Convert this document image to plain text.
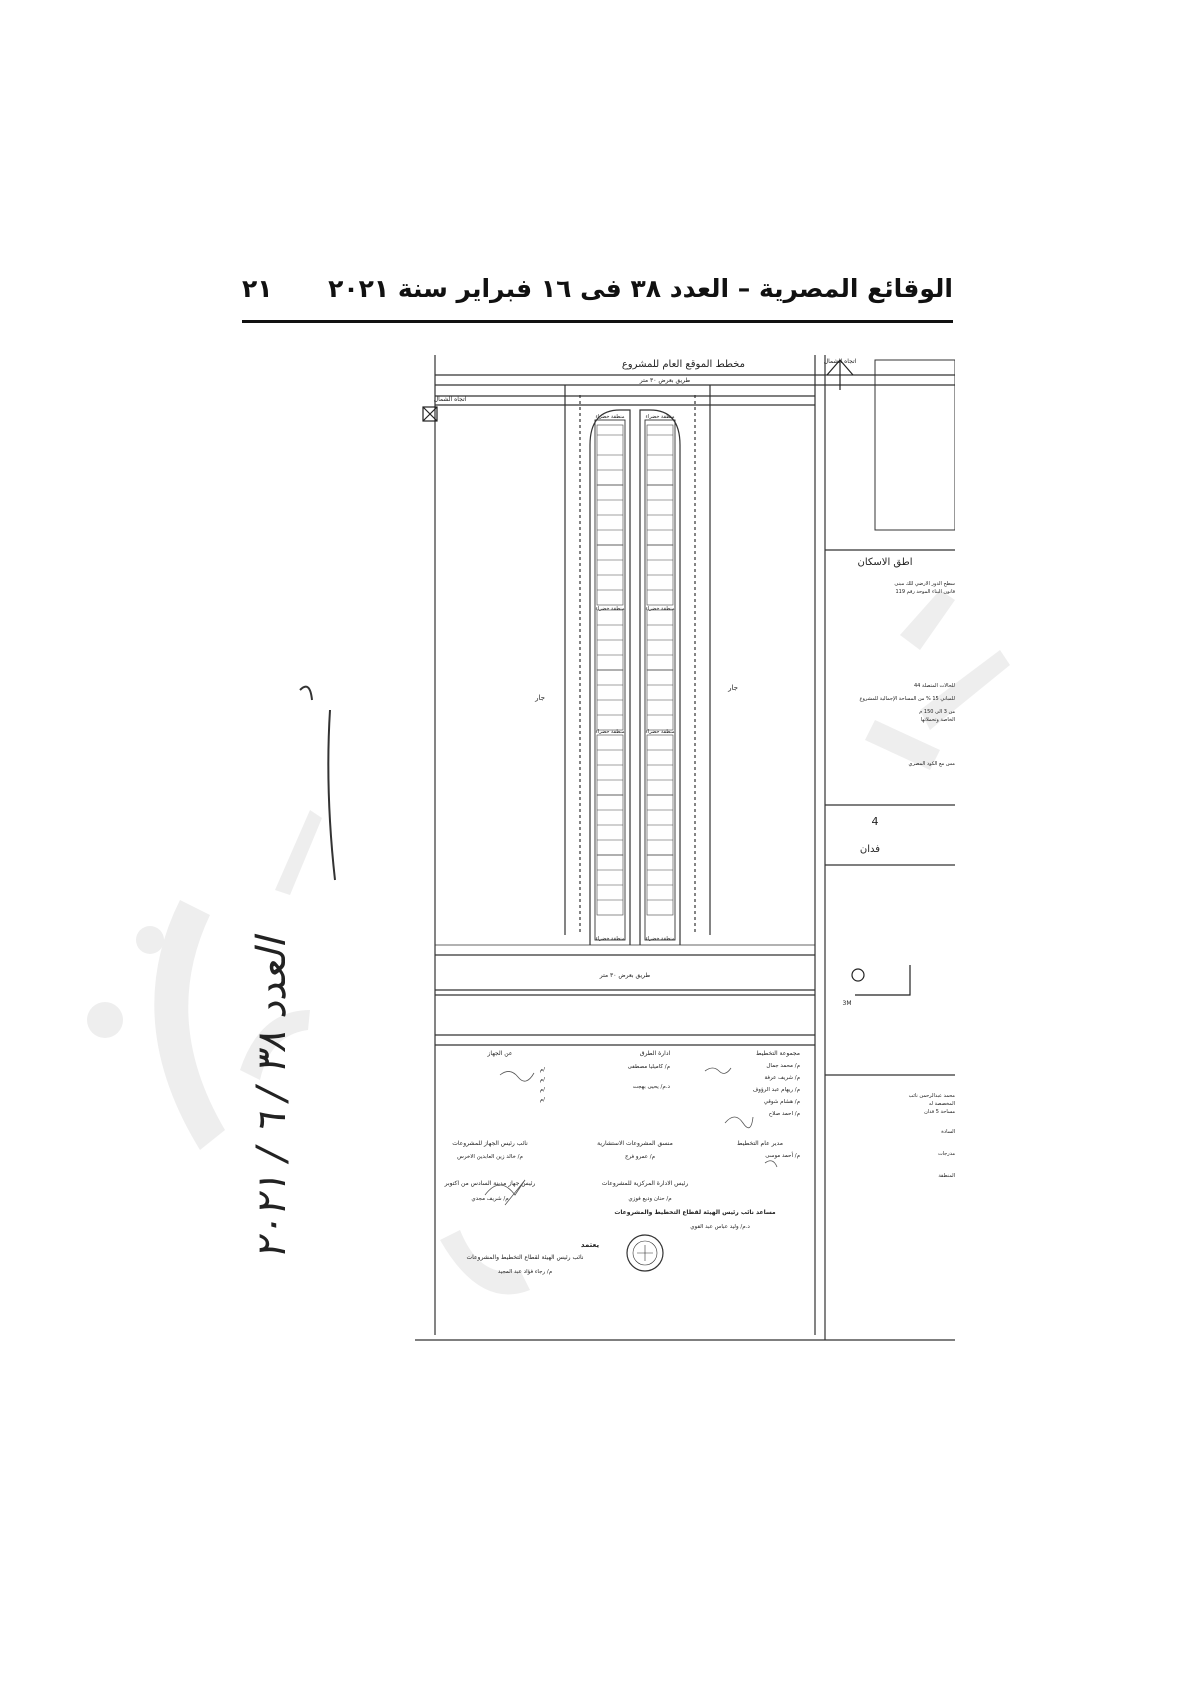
٢١ الوقائع المصرية – العدد ٣٨ فى ١٦ فبراير سنة ٢٠٢١
مخطط الموقع العام للمشروع
طريق بعرض ٣٠ متر
اتجاه الشمال
اتجاه الشمال
منطقة خضراء	منطقة خضراء
منطقة خضراء	منطقة خضراء
منطقة خضراء	منطقة خضراء
منطقة خضراء	منطقة خضراء
جار
جار
طريق بعرض ٣٠ متر
اطق الاسكان
سطح الدور الارضي للك مبنى
قانون البناء الموحد رقم 119
44 للحالات المتصلة
للمباني 15 % من المساحة الإجمالية للمشروع
من 3 الى 150 م
الخاصة وتحملاتها
مس مع الكود المصري
4
فدان
3M
محمد عبدالرحمن نائب
المخصصة له
مساحة 5 فدان
السادة
مدرجات
المنطقة
مجموعة التخطيط
م/ محمد جمال
م/ شريف عرفة
م/ ريهام عبد الرؤوف
م/ هشام شوقي
م/ احمد صلاح
ادارة الطرق
م/ كاميليا مصطفى
د.م/ يحيى بهجت
عن الجهاز
م/
م/
م/
م/
مدير عام التخطيط
م/ أحمد موسى
منسق المشروعات الاستشارية
م/ عمرو فرج
نائب رئيس الجهاز للمشروعات
م/ خالد زين العابدين الاخرس
رئيس الادارة المركزية للمشروعات
م/ حنان وديع فوزي
رئيس جهاز مدينة السادس من اكتوبر
م/ شريف مجدي
مساعد نائب رئيس الهيئة لقطاع التخطيط والمشروعات
د.م/ وليد عباس عبد القوي
يعتمد
نائب رئيس الهيئة لقطاع التخطيط والمشروعات
م/ رجاء فؤاد عبد المجيد
العدد ٣٨ / ٦ / ٢٠٢١
